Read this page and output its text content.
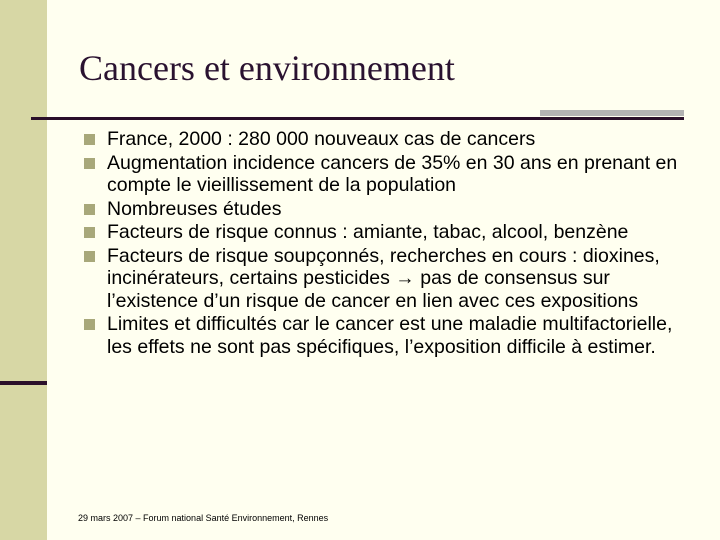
Cancers et environnement
France, 2000 : 280 000 nouveaux cas de cancers
Augmentation incidence cancers de 35% en 30 ans en prenant en compte le vieillissement de la population
Nombreuses études
Facteurs de risque connus : amiante, tabac, alcool, benzène
Facteurs de risque soupçonnés, recherches en cours : dioxines, incinérateurs, certains pesticides → pas de consensus sur l’existence d’un risque de cancer en lien avec ces expositions
Limites et difficultés car le cancer est une maladie multifactorielle, les effets ne sont pas spécifiques, l’exposition difficile à estimer.
29 mars 2007 – Forum national Santé Environnement, Rennes
